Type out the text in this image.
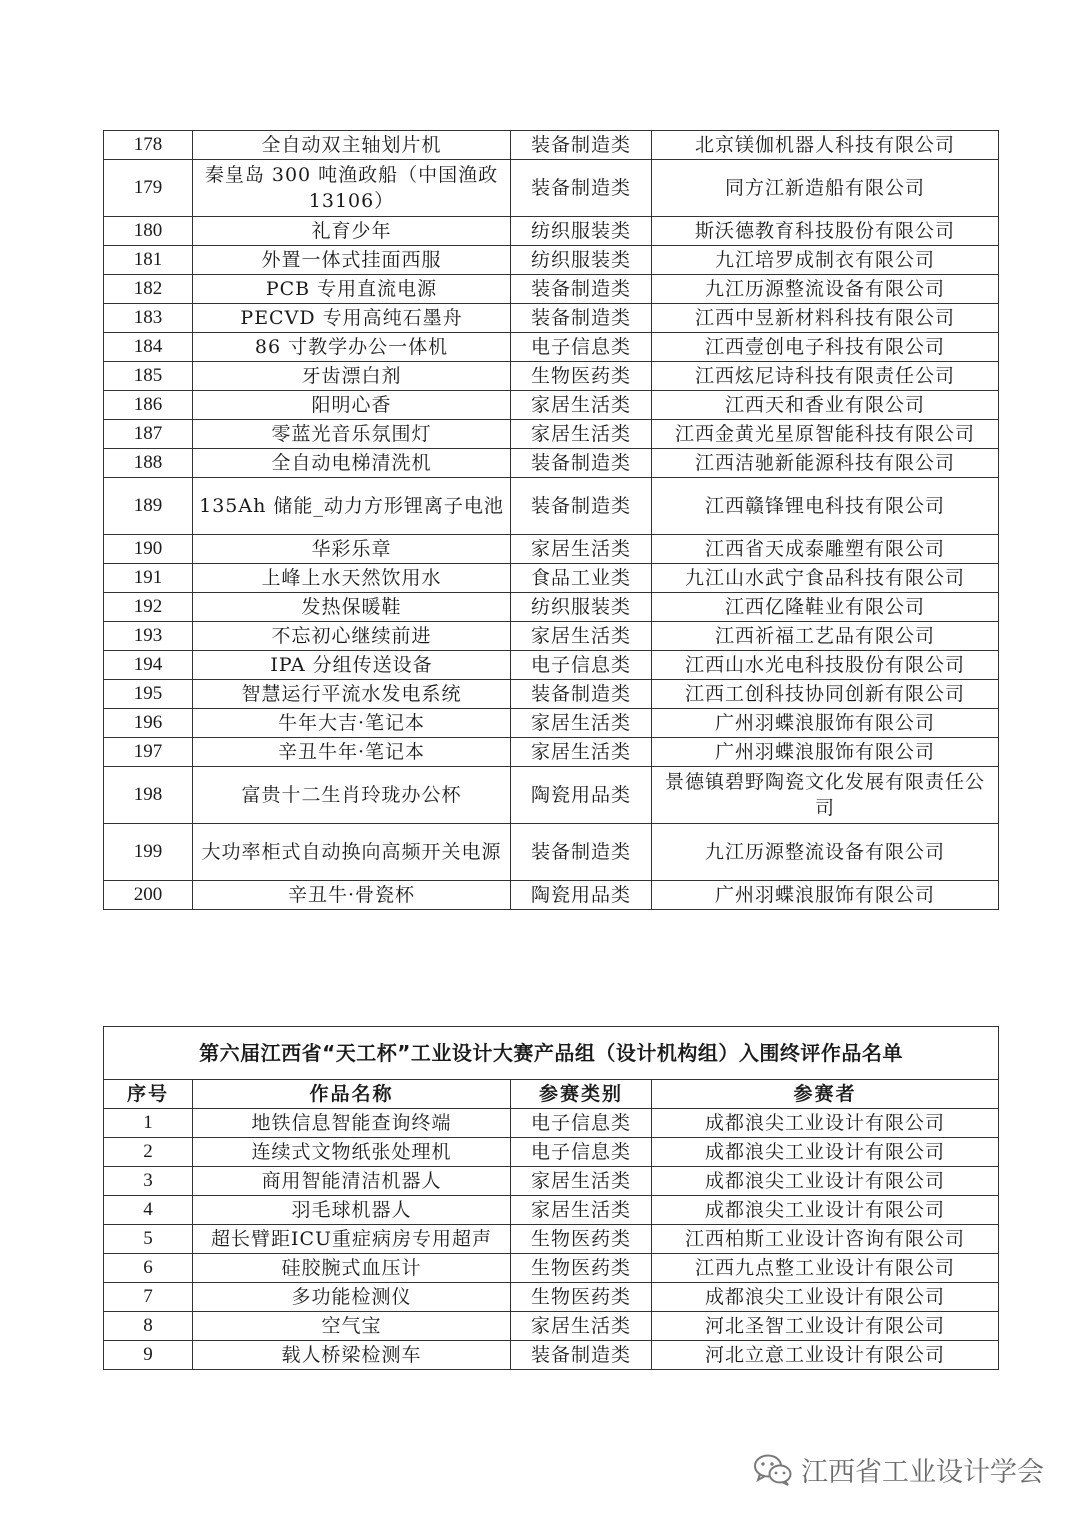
178	全自动双主轴划片机	装备制造类	北京镁伽机器人科技有限公司
179	秦皇岛 300 吨渔政船（中国渔政 13106）	装备制造类	同方江新造船有限公司
180	礼育少年	纺织服装类	斯沃德教育科技股份有限公司
181	外置一体式挂面西服	纺织服装类	九江培罗成制衣有限公司
182	PCB 专用直流电源	装备制造类	九江历源整流设备有限公司
183	PECVD 专用高纯石墨舟	装备制造类	江西中昱新材料科技有限公司
184	86 寸教学办公一体机	电子信息类	江西壹创电子科技有限公司
185	牙齿漂白剂	生物医药类	江西炫尼诗科技有限责任公司
186	阳明心香	家居生活类	江西天和香业有限公司
187	零蓝光音乐氛围灯	家居生活类	江西金黄光星原智能科技有限公司
188	全自动电梯清洗机	装备制造类	江西洁驰新能源科技有限公司
189	135Ah 储能_动力方形锂离子电池	装备制造类	江西赣锋锂电科技有限公司
190	华彩乐章	家居生活类	江西省天成泰雕塑有限公司
191	上峰上水天然饮用水	食品工业类	九江山水武宁食品科技有限公司
192	发热保暖鞋	纺织服装类	江西亿隆鞋业有限公司
193	不忘初心继续前进	家居生活类	江西祈福工艺品有限公司
194	IPA 分组传送设备	电子信息类	江西山水光电科技股份有限公司
195	智慧运行平流水发电系统	装备制造类	江西工创科技协同创新有限公司
196	牛年大吉·笔记本	家居生活类	广州羽蝶浪服饰有限公司
197	辛丑牛年·笔记本	家居生活类	广州羽蝶浪服饰有限公司
198	富贵十二生肖玲珑办公杯	陶瓷用品类	景德镇碧野陶瓷文化发展有限责任公司
199	大功率柜式自动换向高频开关电源	装备制造类	九江历源整流设备有限公司
200	辛丑牛·骨瓷杯	陶瓷用品类	广州羽蝶浪服饰有限公司
第六届江西省“天工杯”工业设计大赛产品组（设计机构组）入围终评作品名单			
序号	作品名称	参赛类别	参赛者
1	地铁信息智能查询终端	电子信息类	成都浪尖工业设计有限公司
2	连续式文物纸张处理机	电子信息类	成都浪尖工业设计有限公司
3	商用智能清洁机器人	家居生活类	成都浪尖工业设计有限公司
4	羽毛球机器人	家居生活类	成都浪尖工业设计有限公司
5	超长臂距ICU重症病房专用超声	生物医药类	江西柏斯工业设计咨询有限公司
6	硅胶腕式血压计	生物医药类	江西九点整工业设计有限公司
7	多功能检测仪	生物医药类	成都浪尖工业设计有限公司
8	空气宝	家居生活类	河北圣智工业设计有限公司
9	载人桥梁检测车	装备制造类	河北立意工业设计有限公司
江西省工业设计学会
